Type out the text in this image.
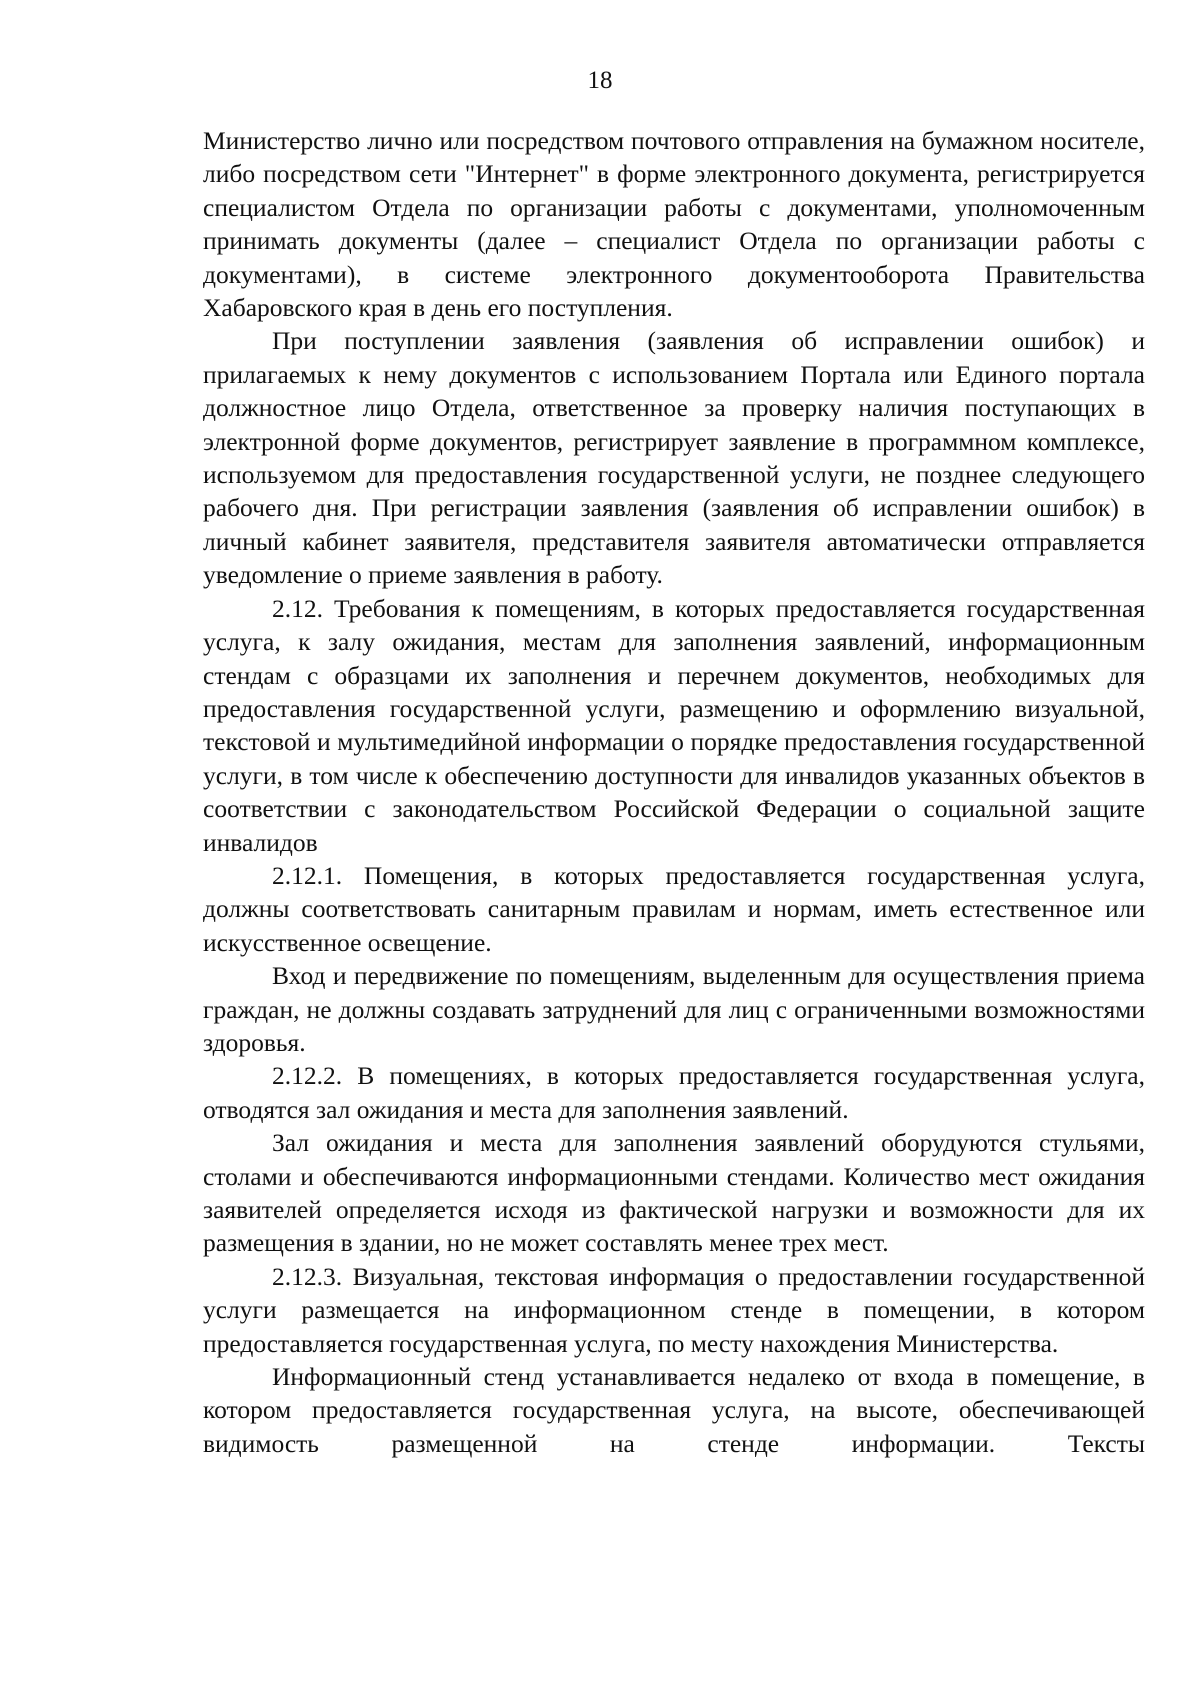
18

Министерство лично или посредством почтового отправления на бумажном носителе, либо посредством сети "Интернет" в форме электронного документа, регистрируется специалистом Отдела по организации работы с документами, уполномоченным принимать документы (далее – специалист Отдела по организации работы с документами), в системе электронного документооборота Правительства Хабаровского края в день его поступления.

При поступлении заявления (заявления об исправлении ошибок) и прилагаемых к нему документов с использованием Портала или Единого портала должностное лицо Отдела, ответственное за проверку наличия поступающих в электронной форме документов, регистрирует заявление в программном комплексе, используемом для предоставления государственной услуги, не позднее следующего рабочего дня. При регистрации заявления (заявления об исправлении ошибок) в личный кабинет заявителя, представителя заявителя автоматически отправляется уведомление о приеме заявления в работу.

2.12. Требования к помещениям, в которых предоставляется государственная услуга, к залу ожидания, местам для заполнения заявлений, информационным стендам с образцами их заполнения и перечнем документов, необходимых для предоставления государственной услуги, размещению и оформлению визуальной, текстовой и мультимедийной информации о порядке предоставления государственной услуги, в том числе к обеспечению доступности для инвалидов указанных объектов в соответствии с законодательством Российской Федерации о социальной защите инвалидов

2.12.1. Помещения, в которых предоставляется государственная услуга, должны соответствовать санитарным правилам и нормам, иметь естественное или искусственное освещение.

Вход и передвижение по помещениям, выделенным для осуществления приема граждан, не должны создавать затруднений для лиц с ограниченными возможностями здоровья.

2.12.2. В помещениях, в которых предоставляется государственная услуга, отводятся зал ожидания и места для заполнения заявлений.

Зал ожидания и места для заполнения заявлений оборудуются стульями, столами и обеспечиваются информационными стендами. Количество мест ожидания заявителей определяется исходя из фактической нагрузки и возможности для их размещения в здании, но не может составлять менее трех мест.

2.12.3. Визуальная, текстовая информация о предоставлении государственной услуги размещается на информационном стенде в помещении, в котором предоставляется государственная услуга, по месту нахождения Министерства.

Информационный стенд устанавливается недалеко от входа в помещение, в котором предоставляется государственная услуга, на высоте, обеспечивающей видимость размещенной на стенде информации. Тексты
